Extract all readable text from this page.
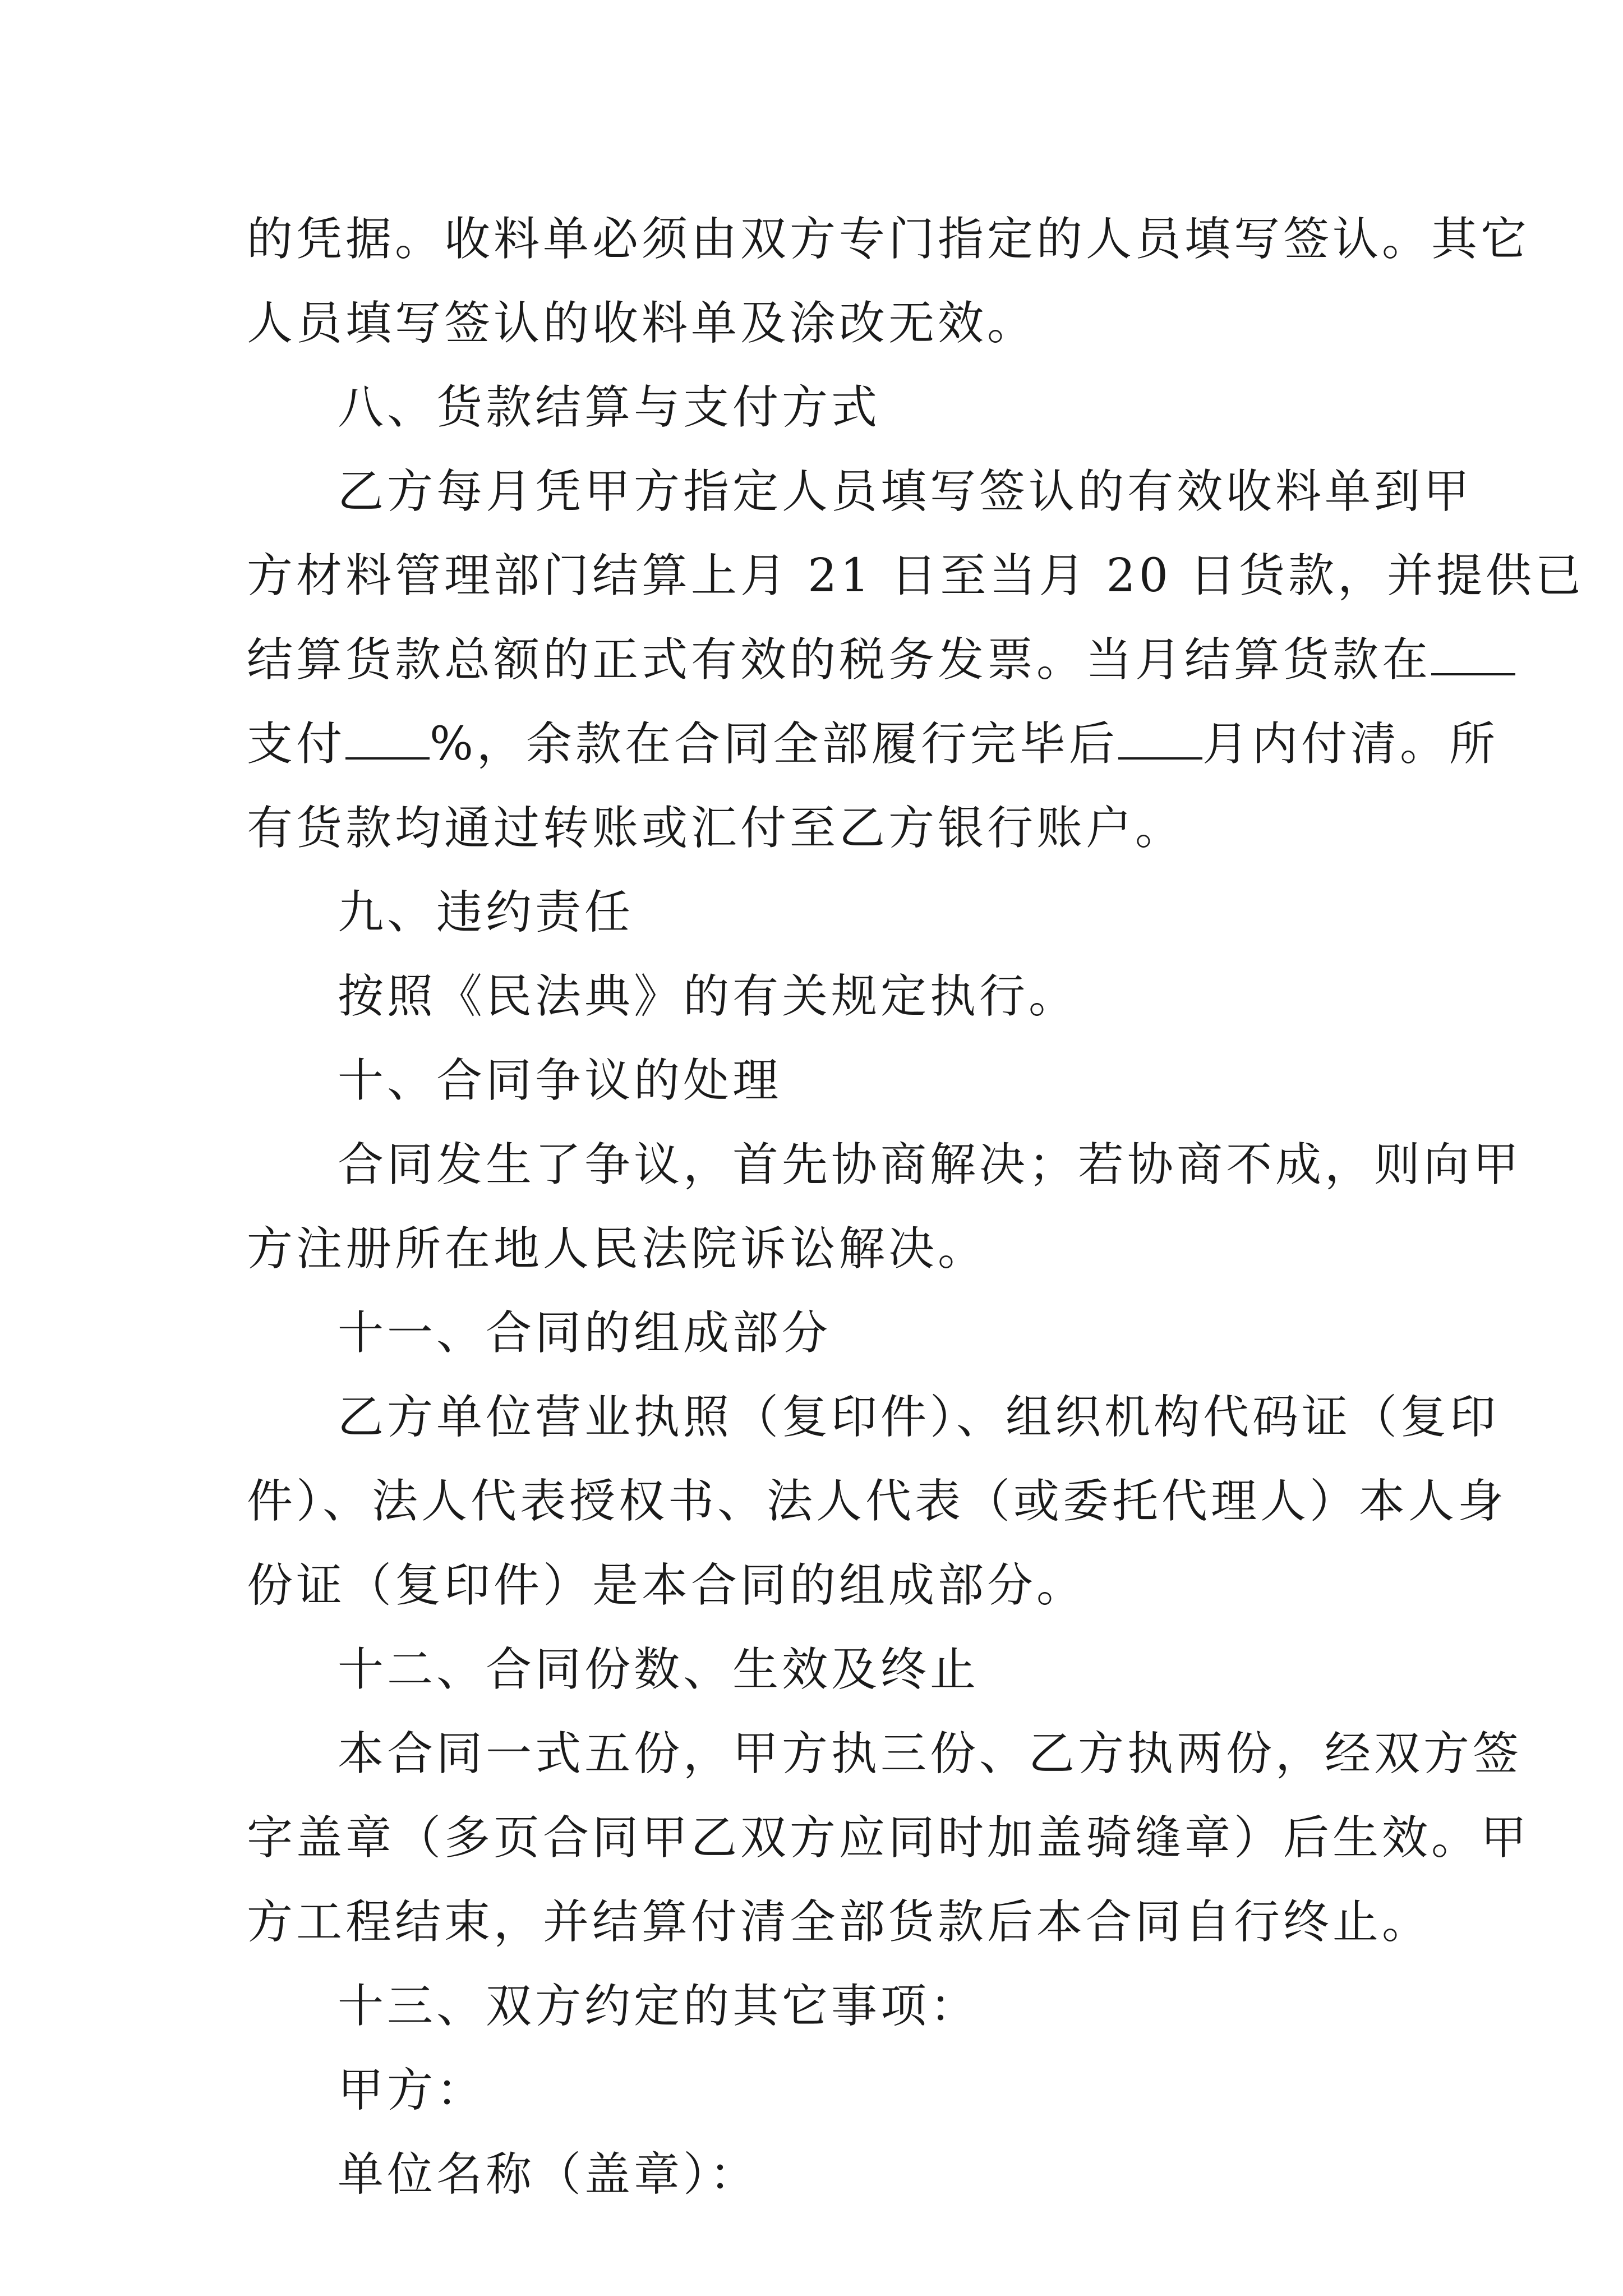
的凭据。收料单必须由双方专门指定的人员填写签认。其它
人员填写签认的收料单及涂改无效。
八、货款结算与支付方式
乙方每月凭甲方指定人员填写签认的有效收料单到甲
方材料管理部门结算上月 21 日至当月 20 日货款，并提供已
结算货款总额的正式有效的税务发票。当月结算货款在
支付 %，余款在合同全部履行完毕后 月内付清。所
有货款均通过转账或汇付至乙方银行账户。
九、违约责任
按照《民法典》的有关规定执行。
十、合同争议的处理
合同发生了争议，首先协商解决；若协商不成，则向甲
方注册所在地人民法院诉讼解决。
十一、合同的组成部分
乙方单位营业执照（复印件）、组织机构代码证（复印
件）、法人代表授权书、法人代表（或委托代理人）本人身
份证（复印件）是本合同的组成部分。
十二、合同份数、生效及终止
本合同一式五份，甲方执三份、乙方执两份，经双方签
字盖章（多页合同甲乙双方应同时加盖骑缝章）后生效。甲
方工程结束，并结算付清全部货款后本合同自行终止。
十三、双方约定的其它事项：
甲方：
单位名称（盖章）：
